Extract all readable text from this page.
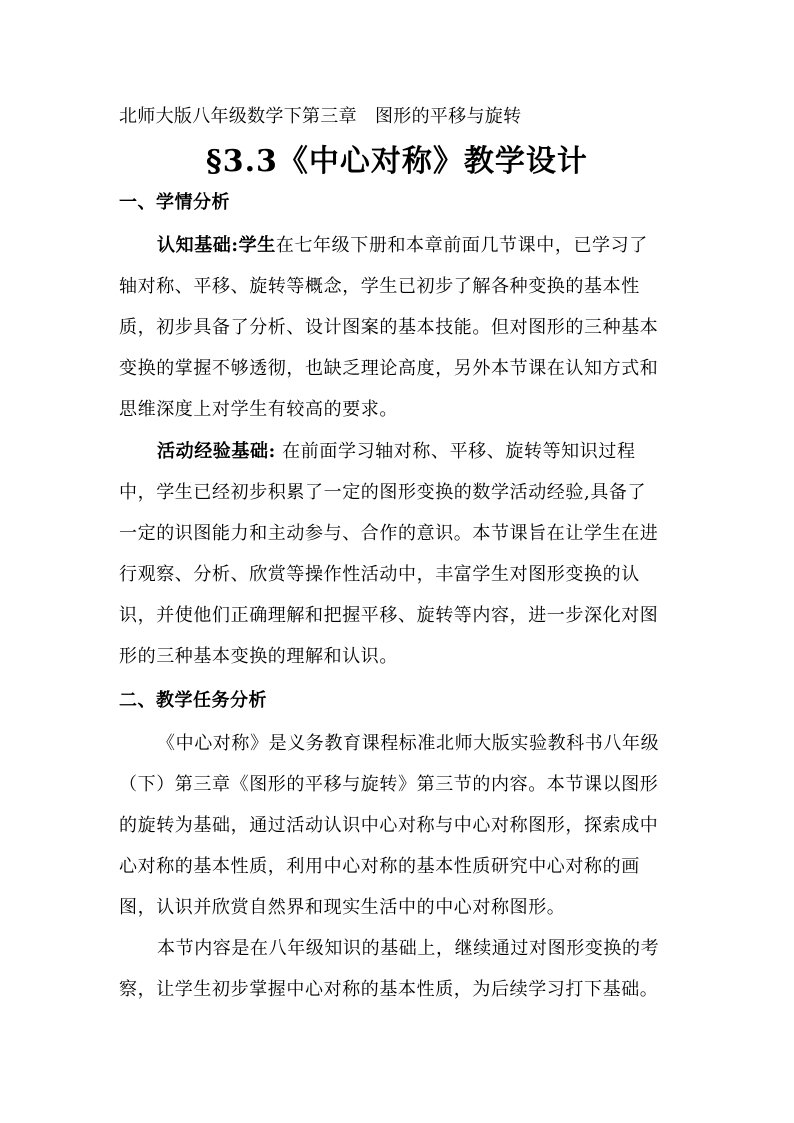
北师大版八年级数学下第三章   图形的平移与旋转
§3.3《中心对称》教学设计
一、学情分析
认知基础:学生在七年级下册和本章前面几节课中，已学习了
轴对称、平移、旋转等概念，学生已初步了解各种变换的基本性
质，初步具备了分析、设计图案的基本技能。但对图形的三种基本
变换的掌握不够透彻，也缺乏理论高度，另外本节课在认知方式和
思维深度上对学生有较高的要求。
活动经验基础: 在前面学习轴对称、平移、旋转等知识过程
中，学生已经初步积累了一定的图形变换的数学活动经验,具备了
一定的识图能力和主动参与、合作的意识。本节课旨在让学生在进
行观察、分析、欣赏等操作性活动中，丰富学生对图形变换的认
识，并使他们正确理解和把握平移、旋转等内容，进一步深化对图
形的三种基本变换的理解和认识。
二、教学任务分析
《中心对称》是义务教育课程标准北师大版实验教科书八年级
（下）第三章《图形的平移与旋转》第三节的内容。本节课以图形
的旋转为基础，通过活动认识中心对称与中心对称图形，探索成中
心对称的基本性质，利用中心对称的基本性质研究中心对称的画
图，认识并欣赏自然界和现实生活中的中心对称图形。
本节内容是在八年级知识的基础上，继续通过对图形变换的考
察，让学生初步掌握中心对称的基本性质，为后续学习打下基础。
